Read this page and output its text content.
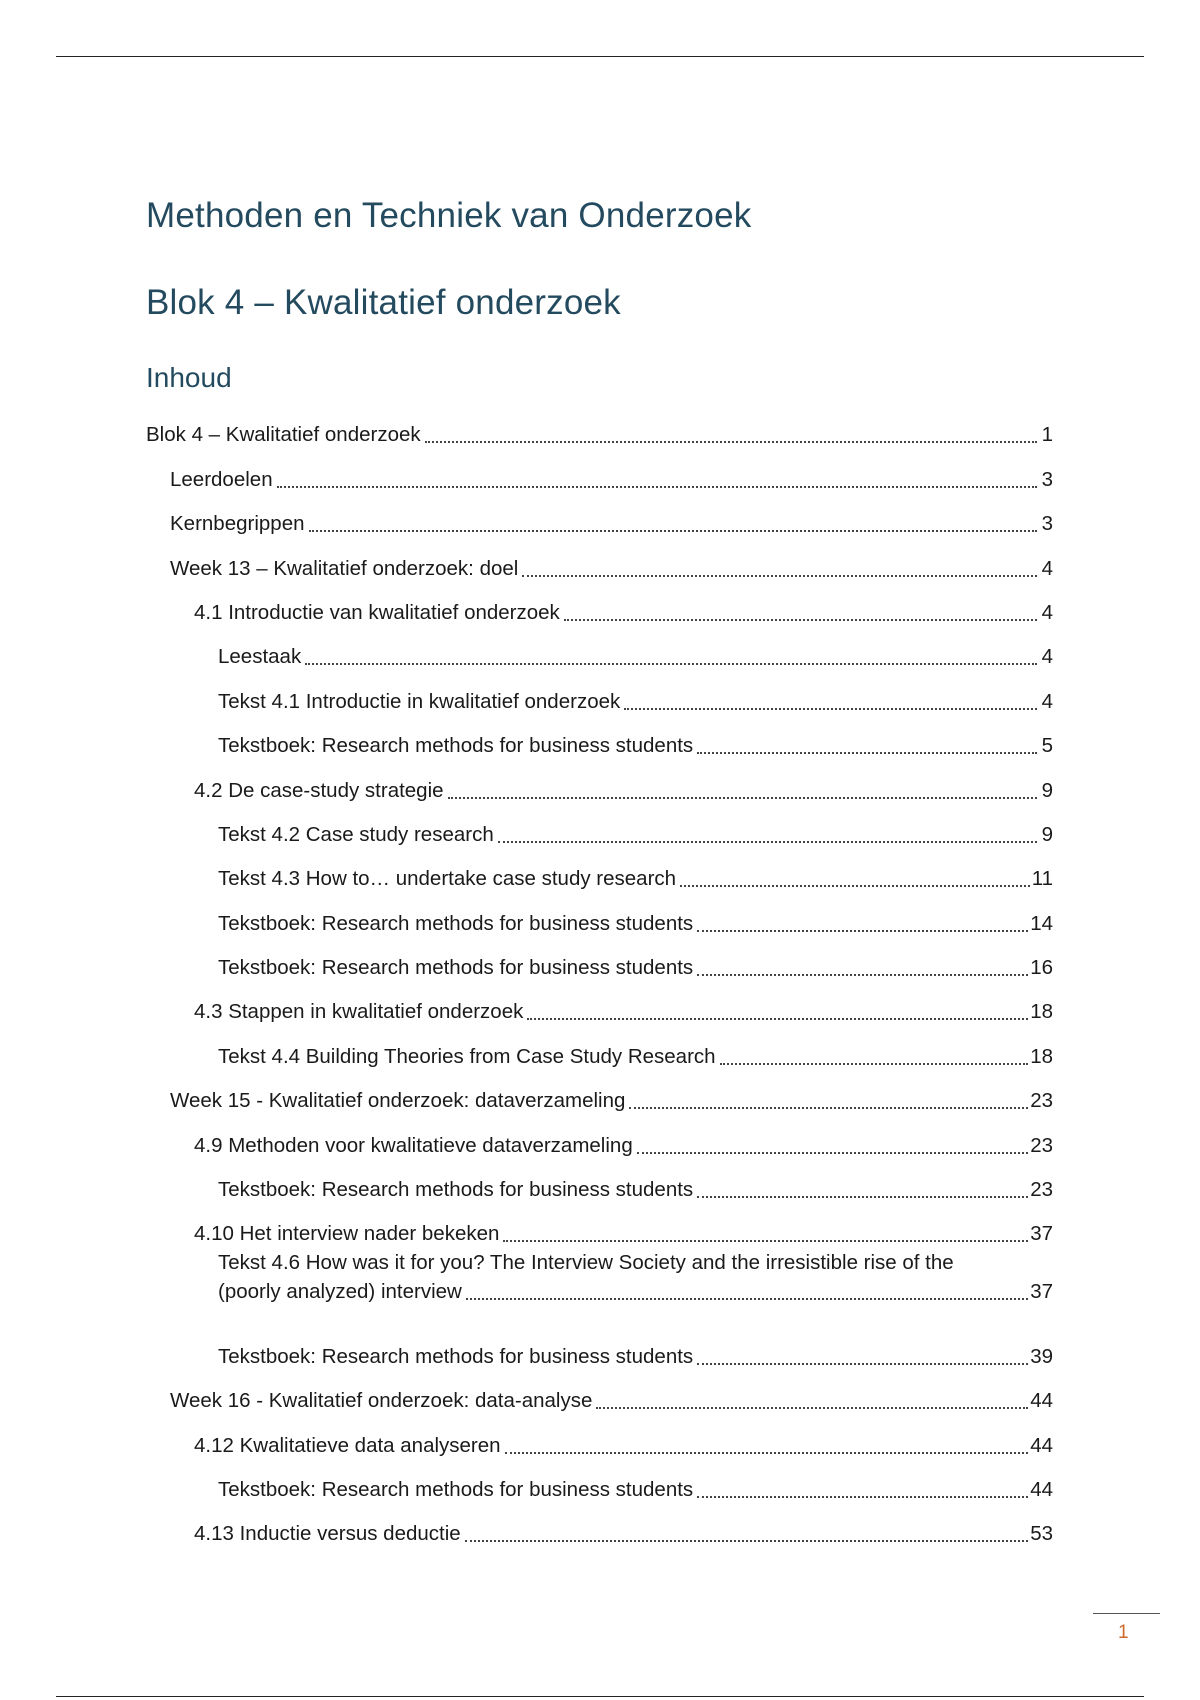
Methoden en Techniek van Onderzoek
Blok 4 – Kwalitatief onderzoek
Inhoud
Blok 4 – Kwalitatief onderzoek	1
Leerdoelen	3
Kernbegrippen	3
Week 13 – Kwalitatief onderzoek: doel	4
4.1 Introductie van kwalitatief onderzoek	4
Leestaak	4
Tekst 4.1 Introductie in kwalitatief onderzoek	4
Tekstboek: Research methods for business students	5
4.2 De case-study strategie	9
Tekst 4.2 Case study research	9
Tekst 4.3 How to… undertake case study research	11
Tekstboek: Research methods for business students	14
Tekstboek: Research methods for business students	16
4.3 Stappen in kwalitatief onderzoek	18
Tekst 4.4 Building Theories from Case Study Research	18
Week 15 - Kwalitatief onderzoek: dataverzameling	23
4.9 Methoden voor kwalitatieve dataverzameling	23
Tekstboek: Research methods for business students	23
4.10 Het interview nader bekeken	37
Tekst 4.6 How was it for you? The Interview Society and the irresistible rise of the
(poorly analyzed) interview	37
Tekstboek: Research methods for business students	39
Week 16 - Kwalitatief onderzoek: data-analyse	44
4.12 Kwalitatieve data analyseren	44
Tekstboek: Research methods for business students	44
4.13 Inductie versus deductie	53
1
